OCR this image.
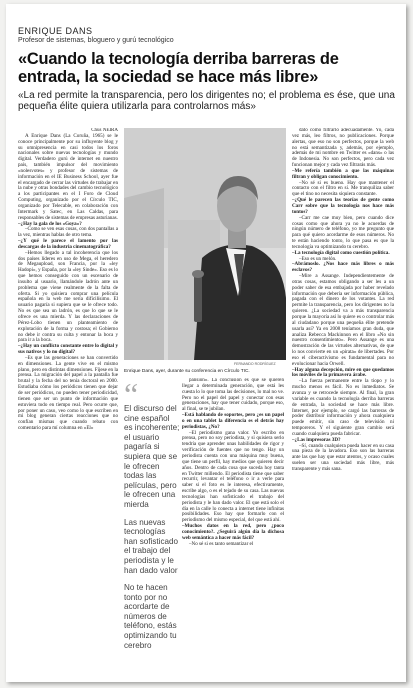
ENRIQUE DANS
Profesor de sistemas, bloguero y gurú tecnológico
«Cuando la tecnología derriba barreras de entrada, la sociedad se hace más libre»
«La red permite la transparencia, pero los dirigentes no; el problema es ése, que una pequeña élite quiera utilizarla para controlarnos más»

Chus NEIRA

A Enrique Dans (La Coruña, 1965) se le conoce principalmente por su influyente blog y su omnipresencia en casi todos los foros nacionales sobre nuevas tecnologías y mundo digital. Verdadero gurú de internet en nuestro país, también impulsor del movimiento «nolesvotes» y profesor de sistemas de información en el IE Business School, ayer fue el encargado de cerrar las virtudes de trabajar en la nube y otras bondades del cambio tecnológico a los participantes en el I Foro de Cloud Computing, organizado por el Círculo TIC, organizado por Telecable, en colaboración con Intermark y Satec, en Las Caldas, para responsables de sistemas de empresas asturianas.

–¿Hay la gala de los «Goya»?

–Como se ven esas cosas, con dos pantallas a la vez, mientras hablas de otro tema.

–¿Y qué le parece el lamento por las descargas de la industria cinematográfica?

–Hemos llegado a tal incoherencia que los dos países líderes en uso de Mega, el heredero de Megaupload, son Francia, por la «ley Hadopi», y España, por la «ley Sinde». Eso es lo que hemos conseguido con un escenario de insulto al usuario, llamándole ladrón ante un problema que viene realmente de la falta de oferta. Si yo quisiera comprar una película española en la web me sería difícilísimo. El usuario pagaría si supiera que se le ofrece todo. No es que sea un ladrón, es que lo que se le ofrece es una mierda. Y las declaraciones de Pérez-Lobo tienen un planteamiento de explotación de la forma y costosa; el Gobierno no debe ir contra su culta y entonar la boca y para ir a la boca.

–¿Hay un conflicto constante entre lo digital y sus nativos y lo no digital?

–Es que las generaciones se han convertido en dimensiones. La gente vive en el mismo plano, pero en distintas dimensiones. Fíjese en la prensa. La migración del papel a la pantalla fue brutal y la fecha del no tenía doctoral en 2000. Estudiaba cómo los periódicos tienen que dejar de ser periódicos, no pueden tener periodicidad, tienen que ser un punto de información que estuviera todo en tiempo real. Pero ocurre que, por poner un caso, veo como lo que escriben en mi blog generan ciertas reacciones que no confían mismas que cuando rebato con comentario para mí columna en «El»

FERNANDO RODRÍGUEZ
Enrique Dans, ayer, durante su conferencia en Círculo TIC.
“

El discurso del cine español es incoherente; el usuario pagaría si supiera que se le ofrecen todas las películas, pero le ofrecen una mierda

Las nuevas tecnologías han sofisticado el trabajo del periodista y le han dado valor

No te hacen tonto por no acordarte de números de teléfono, estás optimizando tu cerebro

pansión». La conclusión es que se quieren llegar a determinada generación, que está les cuesta lo lo que toma las decisiones, lo mal no ve. Pero no el papel del papel y conectar con esas generaciones, hay que tener cuidado, porque eso, al final, se te jubilan.

–Está hablando de soportes, pero ¿es un papel o en una tablet la diferencia es el detrás hay periodistas, ¿No?

–El periodismo gana valor. Yo escribo en prensa, pero no soy periodista, y si quisiera serlo tendría que aprender unas habilidades de rigor y verificación de fuentes que no tengo. Hay un periodista cuenta con una máquina muy buena, que tiene un perfil, hay medios que quieren decir años. Dentro de cada cosa que suceda hoy tanta en Twitter millendo. El periodista tiene que saber recurrir, levantar el teléfono o ir a verle para saber si el foto es le interesa, efectivamente, escribe algo, o es el tejado de su casa. Las nuevas tecnologías han sofisticado el trabajo del periodista y le han dado valor. El que está solo el día en la calle lo conecta a internet tiene infinitas posibilidades. Eso hay que formarlo con el periodismo del mismo especial, del que está ahí.

–Muchos datos en la red, pero ¿poco conocimiento?. ¿Seguirá algún día la dichosa web semántica a hacer más fácil?

–No sé si es tanto semantizar el

dato como filtrarlo adecuadamente. Yo, cada vez más, leo filtros, no publicaciones. Porque alertas, que eso no son perfectos, porque la web no está semantizada y, además, por ejemplo, además de mi nombre en Twitter es «dans» o las de Indonesia. No son perfectos, pero cada vez funcionan mejor y cada vez filtrarás más.

–Me refería también a que las máquinas filtran y obligan conocimiento.

–No sé si es bueno. Hay que mantener el contacto con el filtro en sí. Me tranquiliza saber que el tino no necesita siquiera constante.

–¿Qué le parecen las teorías de gente como Carr sobre que la tecnología nos hace más tontos?

–Carr me cae muy bien, pero cuando dice cosas como que ahora ya no le acuerdas de ningún número de teléfono, yo me pregunto que para qué quiero acordarme de esos números. No te están haciendo tonto, lo que pasa es que la tecnología va optimizando tu cerebro.

–La tecnología digital como cuestión política.

–Eso es un melón.

–Abrámoslo. ¿Nos hace más libres o más esclavos?

–Mire a Assange. Independientemente de otras cosas, estamos obligando a ser les a un poder saber de esa embajada por haber revelado información que debería ser información pública, pagada con el dinero de los votantes. La red permite la transparencia, pero los dirigentes no la quieren. ¿La sociedad va a más transparencia porque la mayoría así lo quiere es o controlar más al ciudadano porque una pequeña élite pretende usarla así? Ya en 2008 teníamos gran duda, que analiza Rebecca Mackinnon en el libro «No sin nuestro consentimiento». Pero Assange es una demostración de las virtudes alternativas, de que lo nos convierte en un «pirata» de libertades. Por eso el ciberactivismo es fundamental para no evolucionar hacia Orwell.

–Hay alguna decepción, mire en que quedamos los móviles de la primavera árabe.

–La fuerza permanente entre la tiopo y lo mucho menos es fácil. No es inmediatos. Se avanza y se retrocede siempre. Al final, la gran variable es cuando la tecnología derriba barreras de entrada, la sociedad se hace más libre. Internet, por ejemplo, se cargó las barreras de poder distribuir información y ahora cualquiera puede emitir, sin caso de televisión ni temporeros. Y el siguiente gran cambio será cuando cualquiera pueda fabricar.

–¿Las impresoras 3D?

–Sí, cuando cualquiera pueda hacer en su casa una pieza de la lavadora. Eso son las barreras ante las que hay que estar atentos, y ocaso cuales suelen ser una sociedad más libre, más transparente y más sana.
